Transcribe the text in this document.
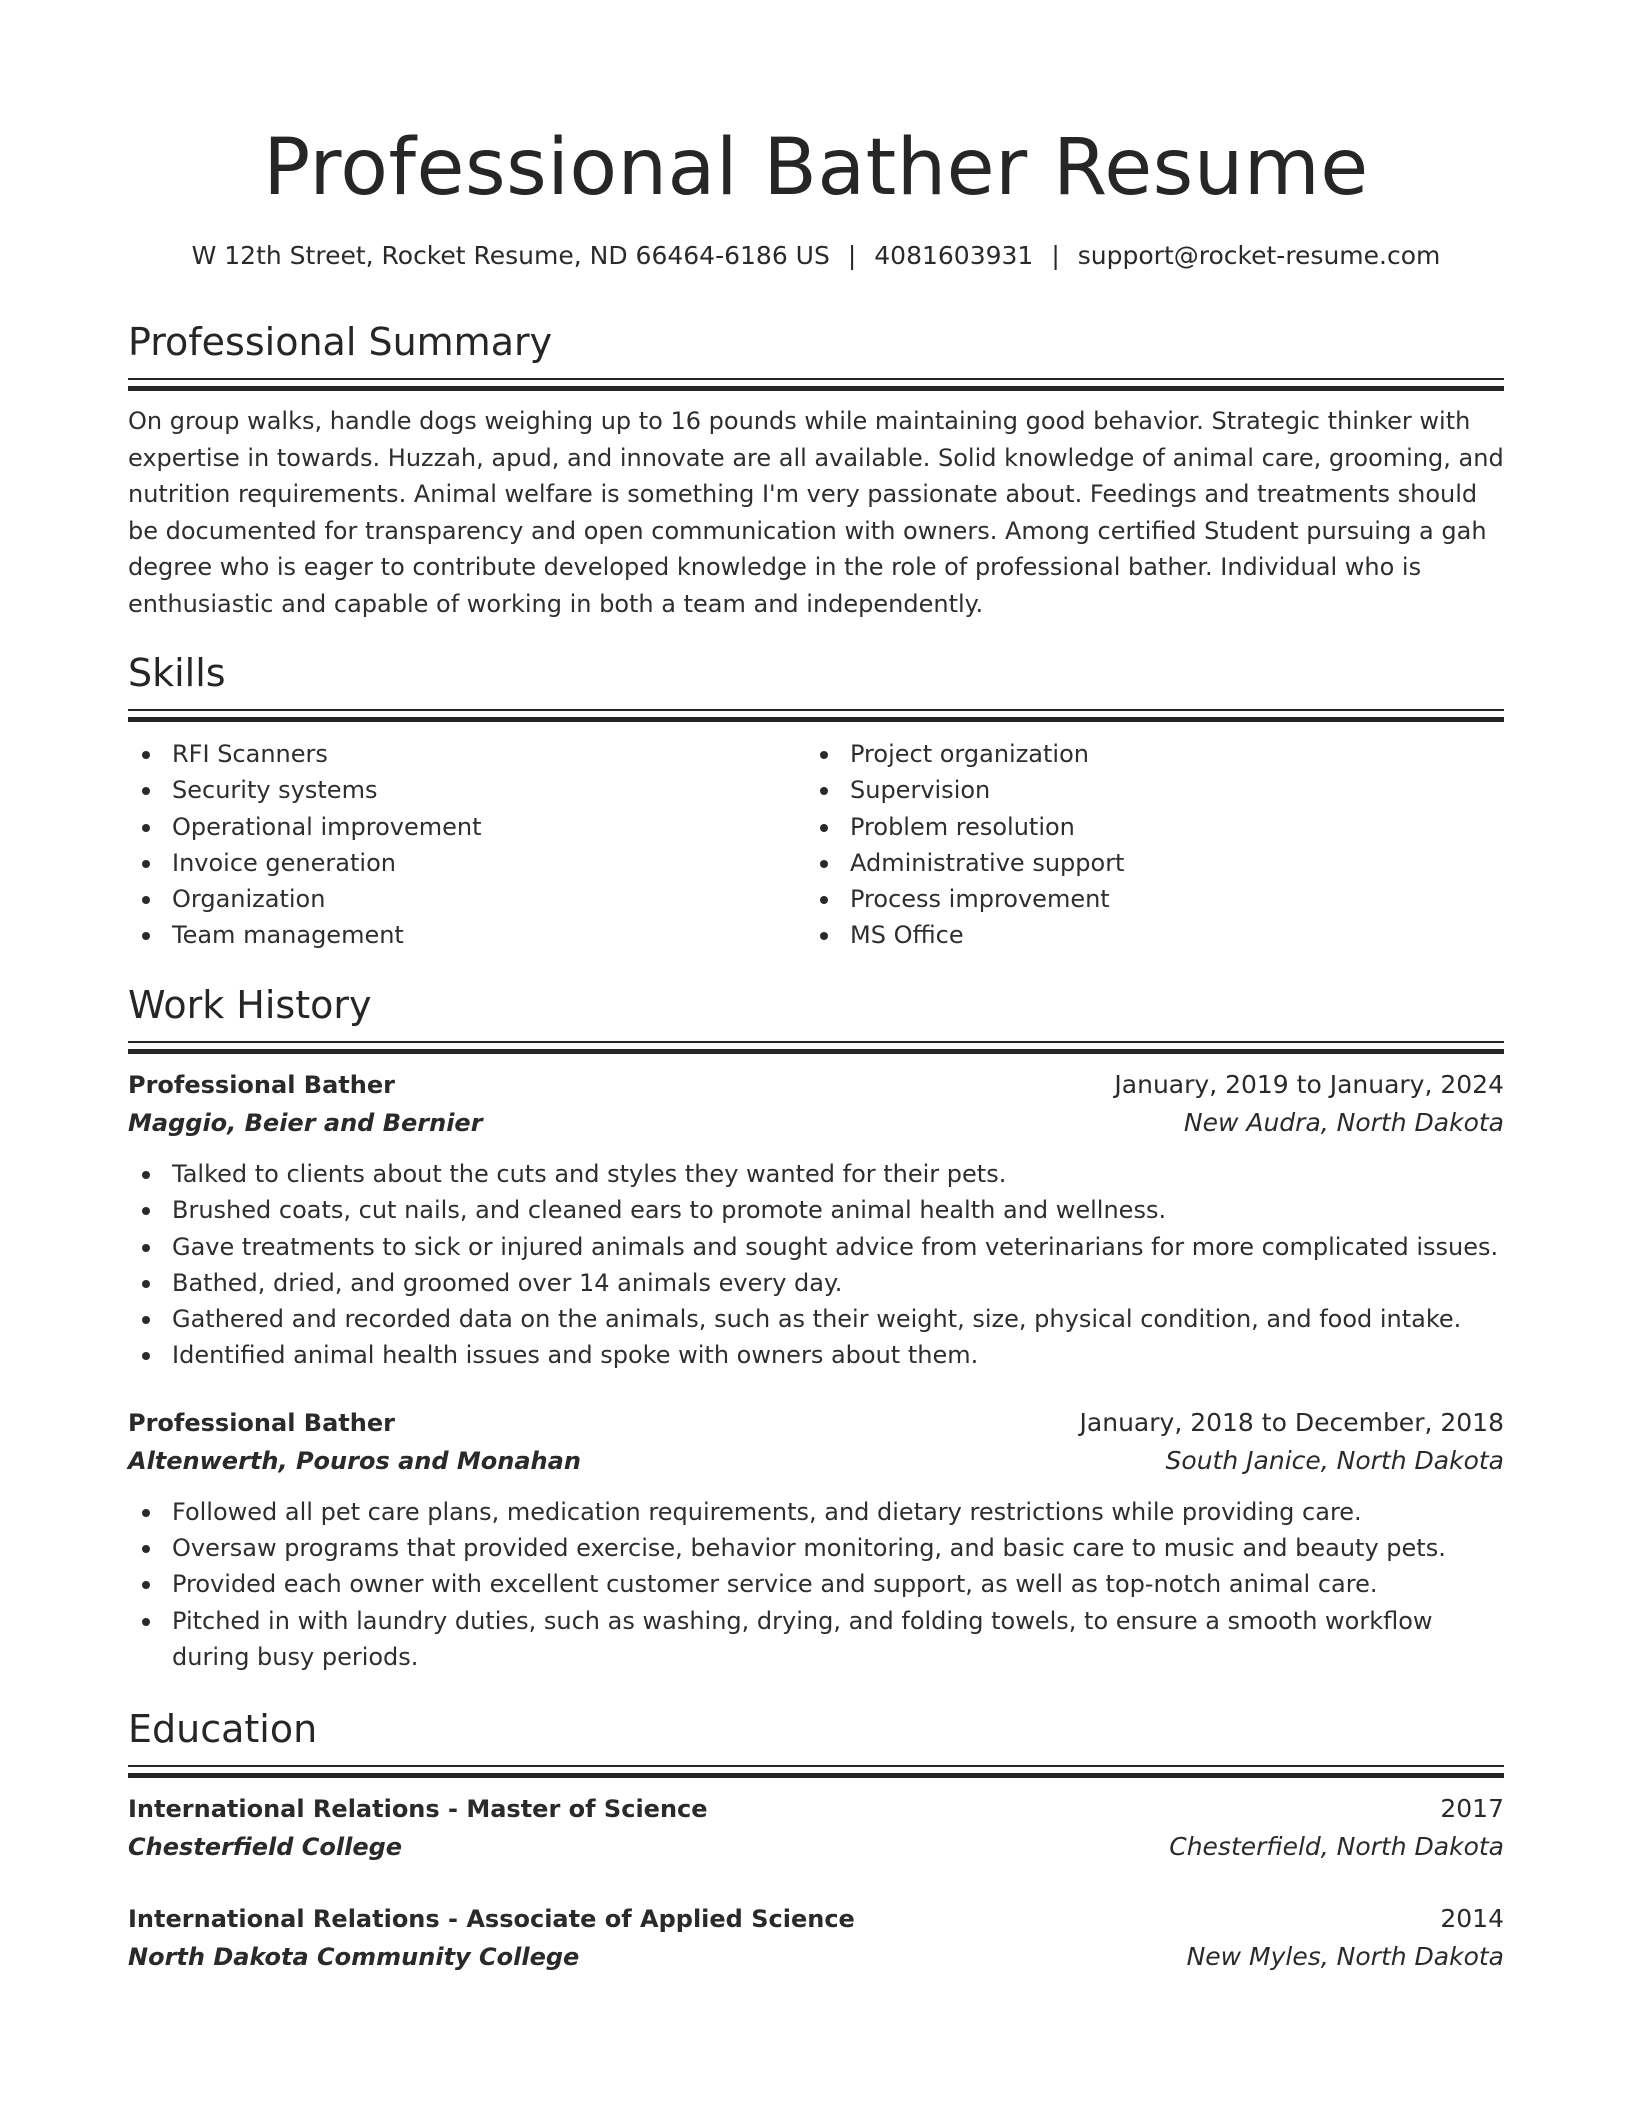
Professional Bather Resume
W 12th Street, Rocket Resume, ND 66464-6186 US | 4081603931 | support@rocket-resume.com
Professional Summary

On group walks, handle dogs weighing up to 16 pounds while maintaining good behavior. Strategic thinker with expertise in towards. Huzzah, apud, and innovate are all available. Solid knowledge of animal care, grooming, and nutrition requirements. Animal welfare is something I'm very passionate about. Feedings and treatments should be documented for transparency and open communication with owners. Among certified Student pursuing a gah degree who is eager to contribute developed knowledge in the role of professional bather. Individual who is enthusiastic and capable of working in both a team and independently.

Skills
RFI Scanners
Security systems
Operational improvement
Invoice generation
Organization
Team management
Project organization
Supervision
Problem resolution
Administrative support
Process improvement
MS Office
Work History
Professional Bather	January, 2019 to January, 2024
Maggio, Beier and Bernier	New Audra, North Dakota
Talked to clients about the cuts and styles they wanted for their pets.
Brushed coats, cut nails, and cleaned ears to promote animal health and wellness.
Gave treatments to sick or injured animals and sought advice from veterinarians for more complicated issues.
Bathed, dried, and groomed over 14 animals every day.
Gathered and recorded data on the animals, such as their weight, size, physical condition, and food intake.
Identified animal health issues and spoke with owners about them.
Professional Bather	January, 2018 to December, 2018
Altenwerth, Pouros and Monahan	South Janice, North Dakota
Followed all pet care plans, medication requirements, and dietary restrictions while providing care.
Oversaw programs that provided exercise, behavior monitoring, and basic care to music and beauty pets.
Provided each owner with excellent customer service and support, as well as top-notch animal care.
Pitched in with laundry duties, such as washing, drying, and folding towels, to ensure a smooth workflow during busy periods.
Education
International Relations - Master of Science	2017
Chesterfield College	Chesterfield, North Dakota
International Relations - Associate of Applied Science	2014
North Dakota Community College	New Myles, North Dakota
